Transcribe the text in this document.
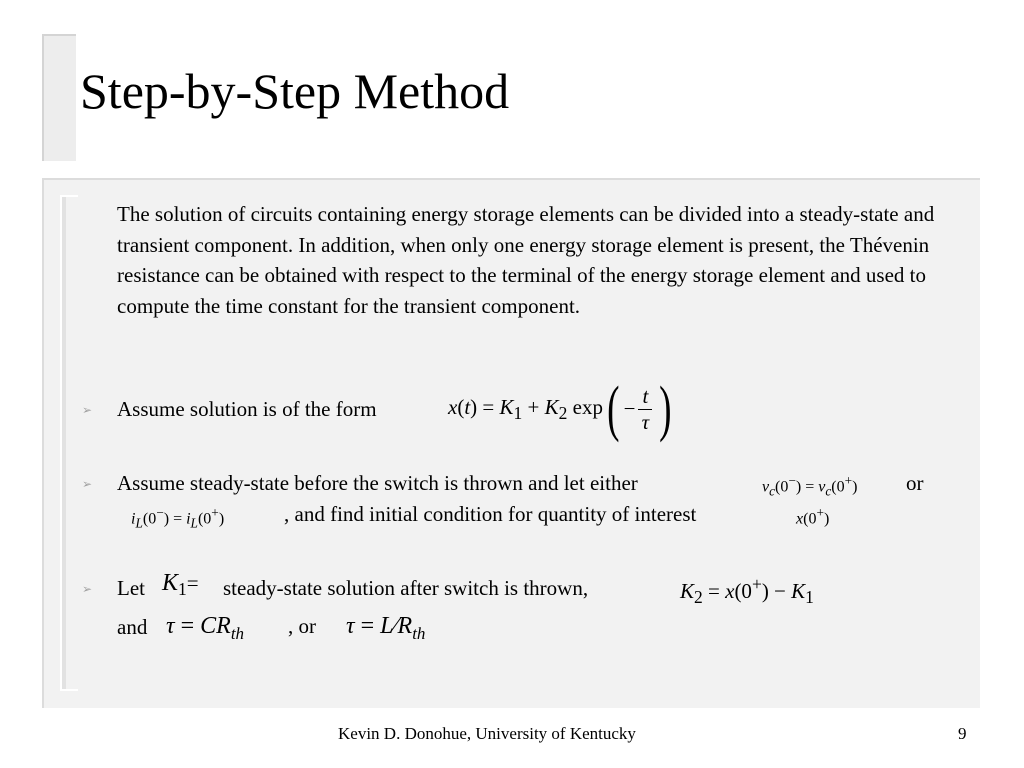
Step-by-Step Method
The solution of circuits containing energy storage elements can be divided into a steady-state and transient component. In addition, when only one energy storage element is present, the Thévenin resistance can be obtained with respect to the terminal of the energy storage element and used to compute the time constant for the transient component.
➢ Assume solution is of the form	$x(t) = K_1 + K_2$ $\exp( - \frac{t}{\tau}$ )
➢ Assume steady-state before the switch is thrown and let either	$v_c(0^-) = v_c(0^+)$ or
$i_L(0^-) = i_L(0^+)$	, and find initial condition for quantity of interest	x(0+)
➢ Let $K_1=$ steady-state solution after switch is thrown,	$K_2 = x(0^+) - K_1$
and $\tau = CR_{th}$ , or $\tau = L∕R_{th}$
Kevin D. Donohue, University of Kentucky	9
